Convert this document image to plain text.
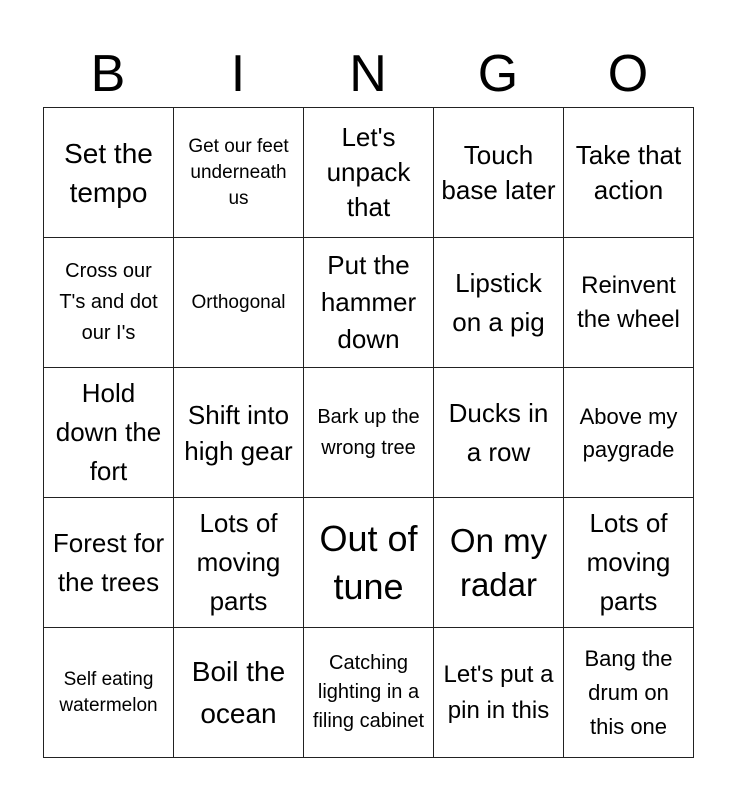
B	I	N	G	O
Set the tempo	Get our feet underneath us	Let's unpack that	Touch base later	Take that action

Cross our T's and dot our I's	Orthogonal	Put the hammer down	Lipstick on a pig	Reinvent the wheel

Hold down the fort	Shift into high gear	Bark up the wrong tree	Ducks in a row	Above my paygrade

Forest for the trees	Lots of moving parts	Out of tune	On my radar	Lots of moving parts

Self eating watermelon	Boil the ocean	Catching lighting in a filing cabinet	Let's put a pin in this	Bang the drum on this one
